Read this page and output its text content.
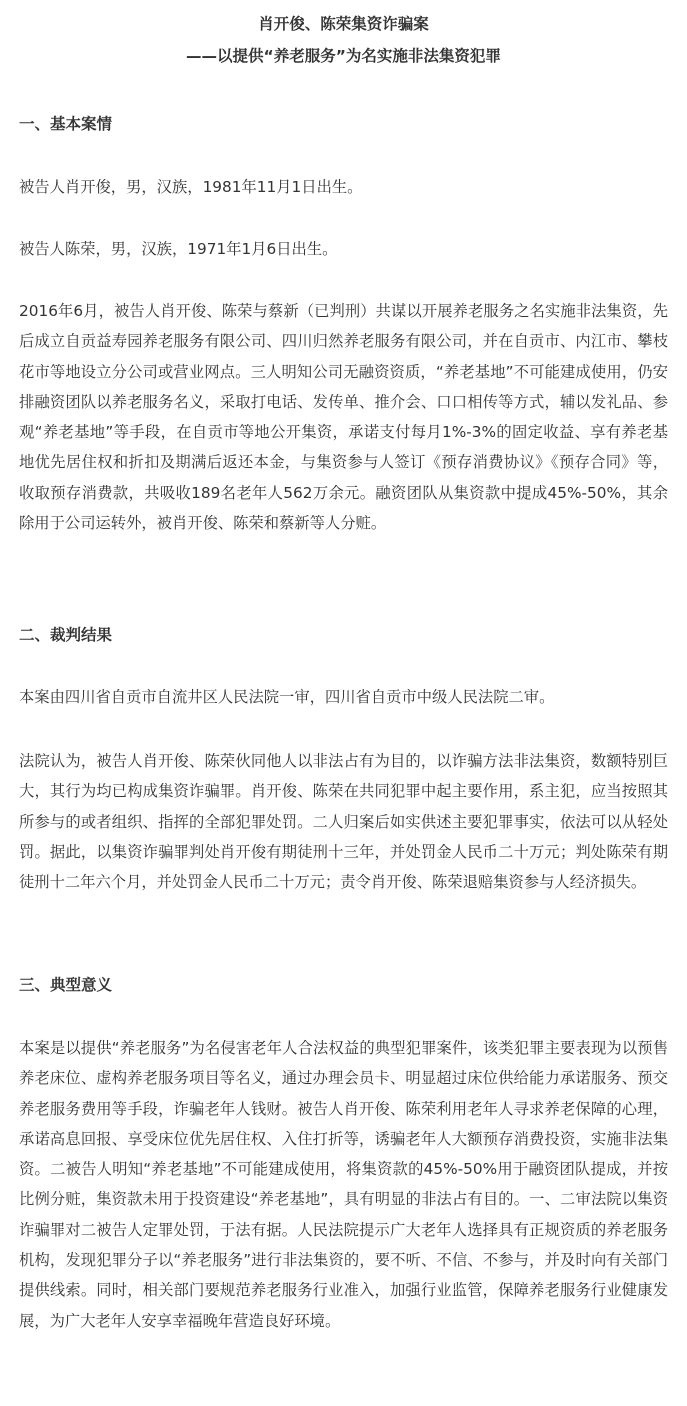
肖开俊、陈荣集资诈骗案

——以提供“养老服务”为名实施非法集资犯罪

一、基本案情

被告人肖开俊，男，汉族，1981年11月1日出生。

被告人陈荣，男，汉族，1971年1月6日出生。

2016年6月，被告人肖开俊、陈荣与蔡新（已判刑）共谋以开展养老服务之名实施非法集资，先后成立自贡益寿园养老服务有限公司、四川归然养老服务有限公司，并在自贡市、内江市、攀枝花市等地设立分公司或营业网点。三人明知公司无融资资质，“养老基地”不可能建成使用，仍安排融资团队以养老服务名义，采取打电话、发传单、推介会、口口相传等方式，辅以发礼品、参观“养老基地”等手段，在自贡市等地公开集资，承诺支付每月1%-3%的固定收益、享有养老基地优先居住权和折扣及期满后返还本金，与集资参与人签订《预存消费协议》《预存合同》等，收取预存消费款，共吸收189名老年人562万余元。融资团队从集资款中提成45%-50%，其余除用于公司运转外，被肖开俊、陈荣和蔡新等人分赃。

二、裁判结果

本案由四川省自贡市自流井区人民法院一审，四川省自贡市中级人民法院二审。

法院认为，被告人肖开俊、陈荣伙同他人以非法占有为目的，以诈骗方法非法集资，数额特别巨大，其行为均已构成集资诈骗罪。肖开俊、陈荣在共同犯罪中起主要作用，系主犯，应当按照其所参与的或者组织、指挥的全部犯罪处罚。二人归案后如实供述主要犯罪事实，依法可以从轻处罚。据此，以集资诈骗罪判处肖开俊有期徒刑十三年，并处罚金人民币二十万元；判处陈荣有期徒刑十二年六个月，并处罚金人民币二十万元；责令肖开俊、陈荣退赔集资参与人经济损失。

三、典型意义

本案是以提供“养老服务”为名侵害老年人合法权益的典型犯罪案件，该类犯罪主要表现为以预售养老床位、虚构养老服务项目等名义，通过办理会员卡、明显超过床位供给能力承诺服务、预交养老服务费用等手段，诈骗老年人钱财。被告人肖开俊、陈荣利用老年人寻求养老保障的心理，承诺高息回报、享受床位优先居住权、入住打折等，诱骗老年人大额预存消费投资，实施非法集资。二被告人明知“养老基地”不可能建成使用，将集资款的45%-50%用于融资团队提成，并按比例分赃，集资款未用于投资建设“养老基地”，具有明显的非法占有目的。一、二审法院以集资诈骗罪对二被告人定罪处罚，于法有据。人民法院提示广大老年人选择具有正规资质的养老服务机构，发现犯罪分子以“养老服务”进行非法集资的，要不听、不信、不参与，并及时向有关部门提供线索。同时，相关部门要规范养老服务行业准入，加强行业监管，保障养老服务行业健康发展，为广大老年人安享幸福晚年营造良好环境。
